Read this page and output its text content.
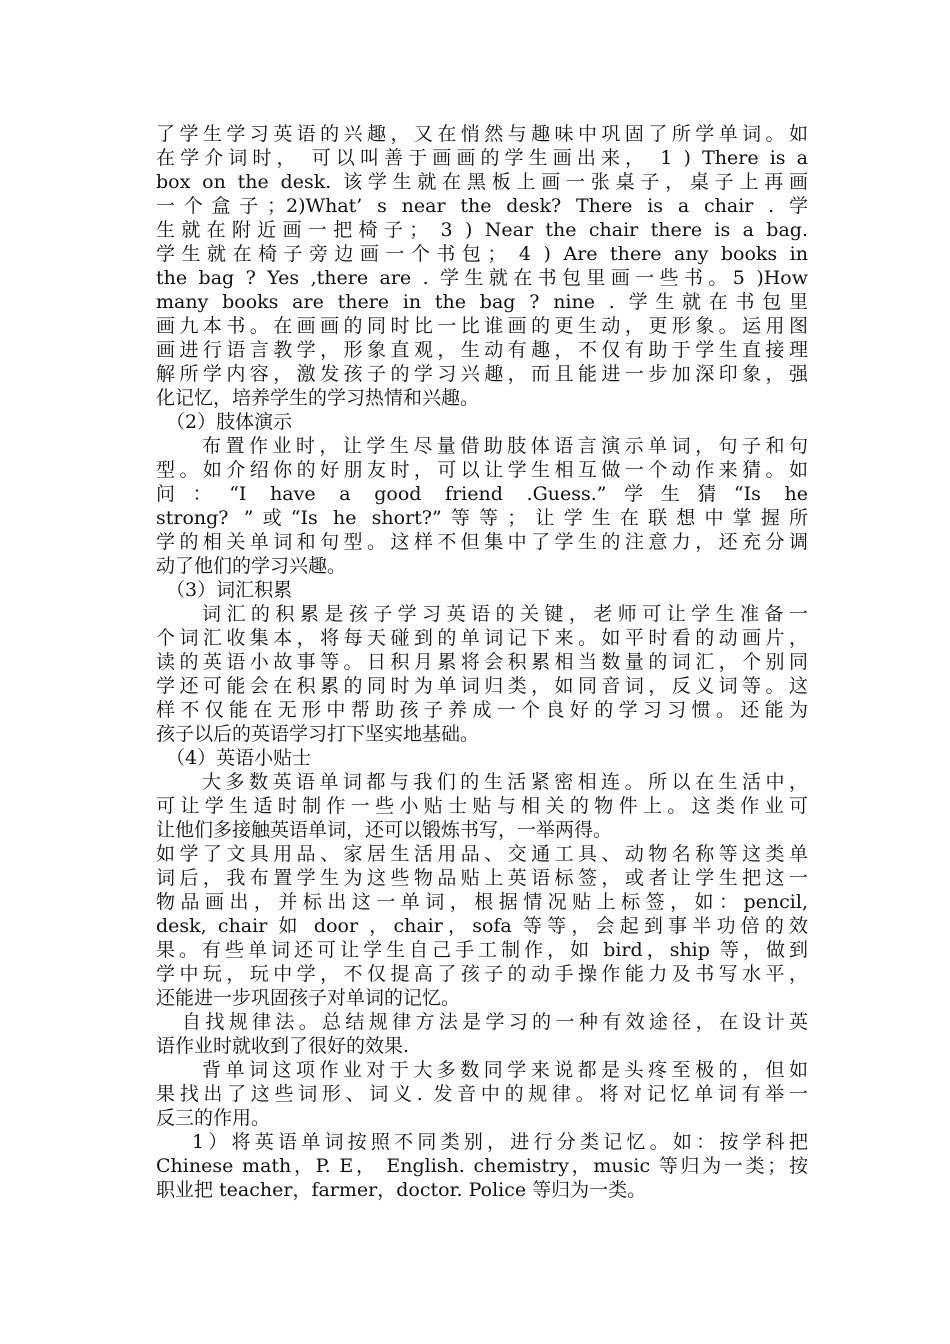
了学生学习英语的兴趣，又在悄然与趣味中巩固了所学单词。如
在学介词时， 可以叫善于画画的学生画出来， 1 ) There is a
box on the desk. 该学生就在黑板上画一张桌子，桌子上再画
一个盒子；2)What’ s near the desk? There is a chair . 学
生就在附近画一把椅子； 3 ) Near the chair there is a bag.
学生就在椅子旁边画一个书包； 4 ) Are there any books in
the bag ? Yes ,there are . 学生就在书包里画一些书。5 )How
many books are there in the bag ? nine . 学生就在书包里
画九本书。在画画的同时比一比谁画的更生动，更形象。运用图
画进行语言教学，形象直观，生动有趣，不仅有助于学生直接理
解所学内容，激发孩子的学习兴趣，而且能进一步加深印象，强
化记忆，培养学生的学习热情和兴趣。
（2）肢体演示
布置作业时，让学生尽量借助肢体语言演示单词，句子和句
型。如介绍你的好朋友时，可以让学生相互做一个动作来猜。如
问：“I have a good friend .Guess.”学生猜“Is he
strong? ”或“Is he short?”等等；让学生在联想中掌握所
学的相关单词和句型。这样不但集中了学生的注意力，还充分调
动了他们的学习兴趣。
（3）词汇积累
词汇的积累是孩子学习英语的关键，老师可让学生准备一
个词汇收集本，将每天碰到的单词记下来。如平时看的动画片，
读的英语小故事等。日积月累将会积累相当数量的词汇，个别同
学还可能会在积累的同时为单词归类，如同音词，反义词等。这
样不仅能在无形中帮助孩子养成一个良好的学习习惯。还能为
孩子以后的英语学习打下坚实地基础。
（4）英语小贴士
大多数英语单词都与我们的生活紧密相连。所以在生活中，
可让学生适时制作一些小贴士贴与相关的物件上。这类作业可
让他们多接触英语单词，还可以锻炼书写，一举两得。
如学了文具用品、家居生活用品、交通工具、动物名称等这类单
词后，我布置学生为这些物品贴上英语标签，或者让学生把这一
物品画出，并标出这一单词，根据情况贴上标签，如：pencil,
desk, chair 如 door ，chair，sofa 等等，会起到事半功倍的效
果。有些单词还可让学生自己手工制作，如 bird，ship 等，做到
学中玩，玩中学，不仅提高了孩子的动手操作能力及书写水平，
还能进一步巩固孩子对单词的记忆。
自找规律法。总结规律方法是学习的一种有效途径，在设计英
语作业时就收到了很好的效果.
背单词这项作业对于大多数同学来说都是头疼至极的，但如
果找出了这些词形、词义. 发音中的规律。将对记忆单词有举一
反三的作用。
1）将英语单词按照不同类别，进行分类记忆。如：按学科把
Chinese math，P. E， English. chemistry，music 等归为一类；按
职业把 teacher，farmer，doctor. Police 等归为一类。
